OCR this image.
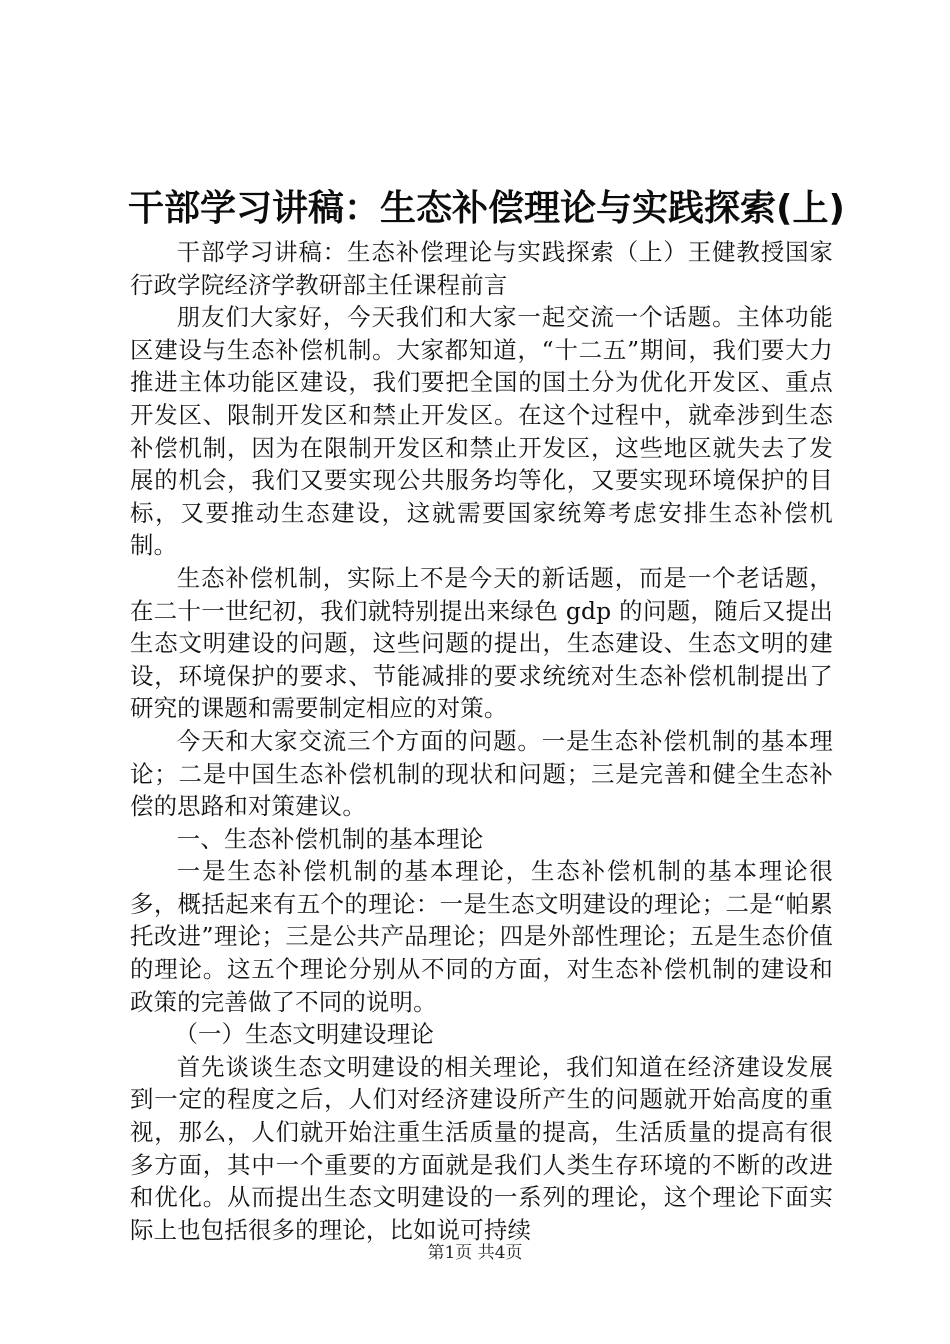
干部学习讲稿：生态补偿理论与实践探索(上)

干部学习讲稿：生态补偿理论与实践探索（上）王健教授国家行政学院经济学教研部主任课程前言

朋友们大家好，今天我们和大家一起交流一个话题。主体功能区建设与生态补偿机制。大家都知道，“十二五”期间，我们要大力推进主体功能区建设，我们要把全国的国土分为优化开发区、重点开发区、限制开发区和禁止开发区。在这个过程中，就牵涉到生态补偿机制，因为在限制开发区和禁止开发区，这些地区就失去了发展的机会，我们又要实现公共服务均等化，又要实现环境保护的目标，又要推动生态建设，这就需要国家统筹考虑安排生态补偿机制。

生态补偿机制，实际上不是今天的新话题，而是一个老话题，在二十一世纪初，我们就特别提出来绿色 gdp 的问题，随后又提出生态文明建设的问题，这些问题的提出，生态建设、生态文明的建设，环境保护的要求、节能减排的要求统统对生态补偿机制提出了研究的课题和需要制定相应的对策。

今天和大家交流三个方面的问题。一是生态补偿机制的基本理论；二是中国生态补偿机制的现状和问题；三是完善和健全生态补偿的思路和对策建议。

一、生态补偿机制的基本理论

一是生态补偿机制的基本理论，生态补偿机制的基本理论很多，概括起来有五个的理论：一是生态文明建设的理论；二是“帕累托改进”理论；三是公共产品理论；四是外部性理论；五是生态价值的理论。这五个理论分别从不同的方面，对生态补偿机制的建设和政策的完善做了不同的说明。

（一）生态文明建设理论

首先谈谈生态文明建设的相关理论，我们知道在经济建设发展到一定的程度之后，人们对经济建设所产生的问题就开始高度的重视，那么，人们就开始注重生活质量的提高，生活质量的提高有很多方面，其中一个重要的方面就是我们人类生存环境的不断的改进和优化。从而提出生态文明建设的一系列的理论，这个理论下面实际上也包括很多的理论，比如说可持续

第1页 共4页
